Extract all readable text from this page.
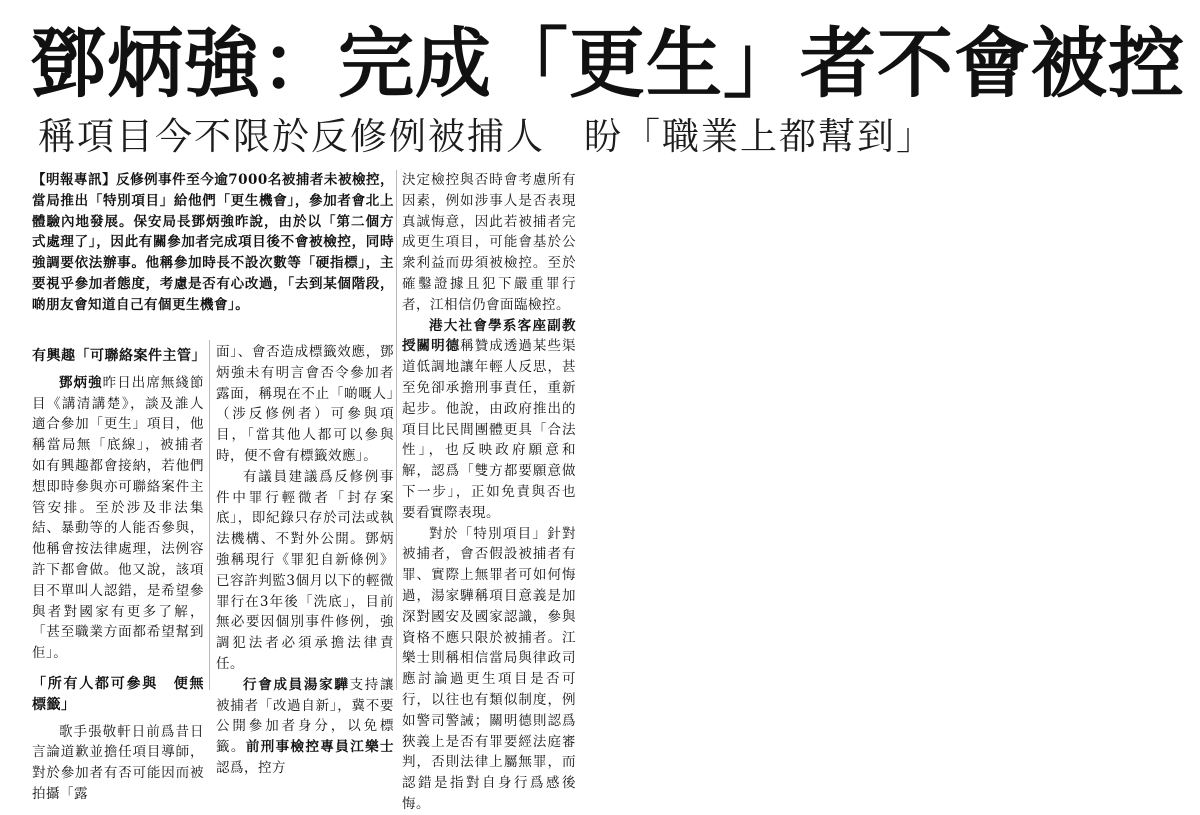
鄧炳強：完成「更生」者不會被控
稱項目今不限於反修例被捕人　盼「職業上都幫到」

【明報專訊】反修例事件至今逾7000名被捕者未被檢控，當局推出「特別項目」給他們「更生機會」，參加者會北上體驗內地發展。保安局長鄧炳強昨說，由於以「第二個方式處理了」，因此有關參加者完成項目後不會被檢控，同時強調要依法辦事。他稱參加時長不設次數等「硬指標」，主要視乎參加者態度，考慮是否有心改過，「去到某個階段，啲朋友會知道自己有個更生機會」。

有興趣「可聯絡案件主管」

鄧炳強昨日出席無綫節目《講清講楚》，談及誰人適合參加「更生」項目，他稱當局無「底線」，被捕者如有興趣都會接納，若他們想即時參與亦可聯絡案件主管安排。至於涉及非法集結、暴動等的人能否參與，他稱會按法律處理，法例容許下都會做。他又說，該項目不單叫人認錯，是希望參與者對國家有更多了解，「甚至職業方面都希望幫到佢」。

「所有人都可參與　便無標籤」

歌手張敬軒日前爲昔日言論道歉並擔任項目導師，對於參加者有否可能因而被拍攝「露

面」、會否造成標籤效應，鄧炳強未有明言會否令參加者露面，稱現在不止「啲嘅人」（涉反修例者）可參與項目，「當其他人都可以參與時，便不會有標籤效應」。

有議員建議爲反修例事件中罪行輕微者「封存案底」，即紀錄只存於司法或執法機構、不對外公開。鄧炳強稱現行《罪犯自新條例》已容許判監3個月以下的輕微罪行在3年後「洗底」，目前無必要因個別事件修例，強調犯法者必須承擔法律責任。

行會成員湯家驊支持讓被捕者「改過自新」，冀不要公開參加者身分，以免標籤。前刑事檢控專員江樂士認爲，控方

決定檢控與否時會考慮所有因素，例如涉事人是否表現真誠悔意，因此若被捕者完成更生項目，可能會基於公衆利益而毋須被檢控。至於確鑿證據且犯下嚴重罪行者，江相信仍會面臨檢控。

港大社會學系客座副教授關明德稱贊成透過某些渠道低調地讓年輕人反思，甚至免卻承擔刑事責任，重新起步。他說，由政府推出的項目比民間團體更具「合法性」，也反映政府願意和解，認爲「雙方都要願意做下一步」，正如免責與否也要看實際表現。

對於「特別項目」針對被捕者，會否假設被捕者有罪、實際上無罪者可如何悔過，湯家驊稱項目意義是加深對國安及國家認識，參與資格不應只限於被捕者。江樂士則稱相信當局與律政司應討論過更生項目是否可行，以往也有類似制度，例如警司警誡；關明德則認爲狹義上是否有罪要經法庭審判，否則法律上屬無罪，而認錯是指對自身行爲感後悔。
